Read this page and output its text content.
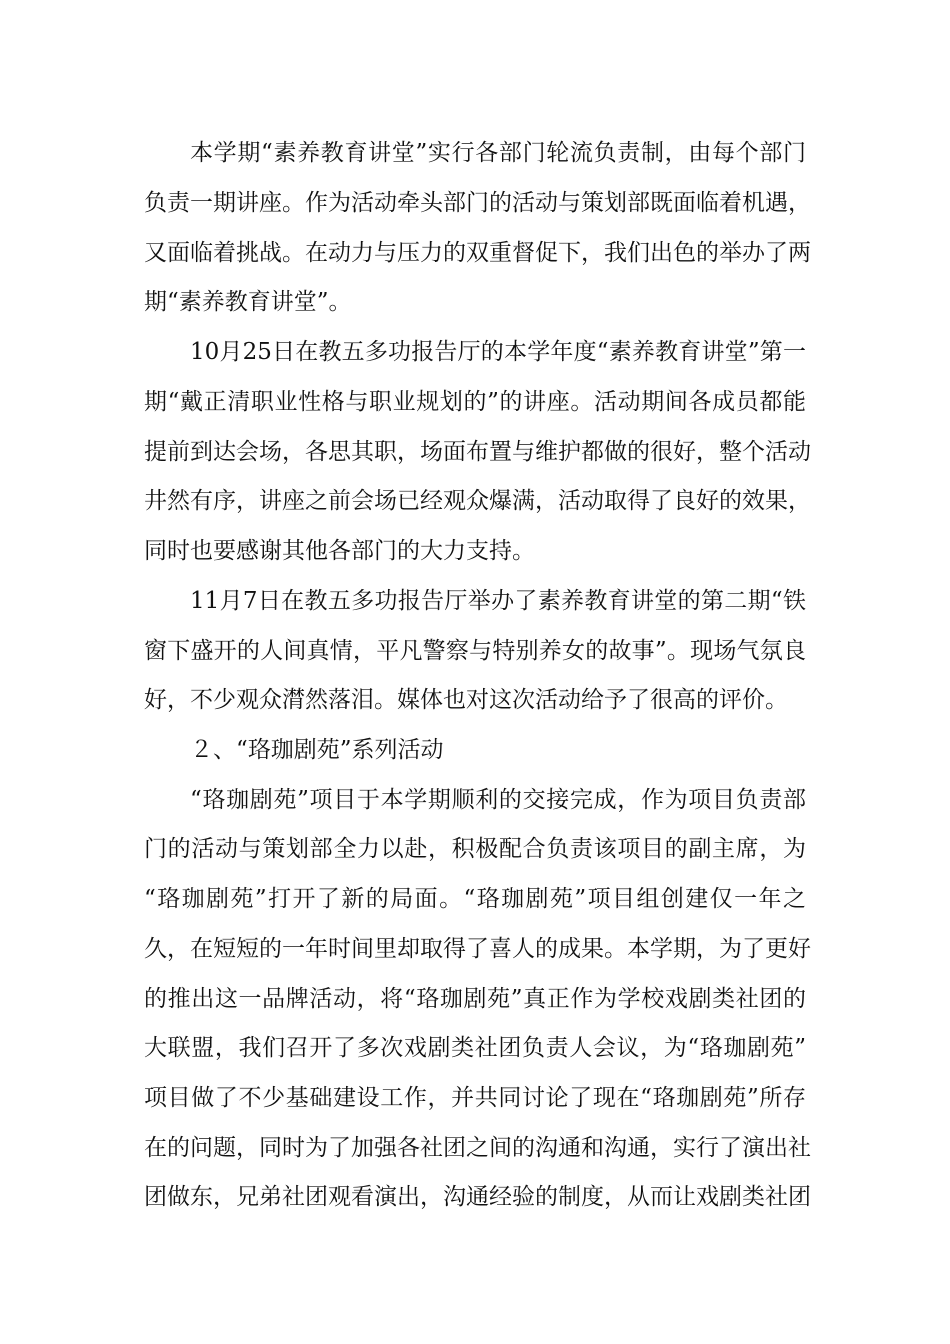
本学期“素养教育讲堂”实行各部门轮流负责制，由每个部门
负责一期讲座。作为活动牵头部门的活动与策划部既面临着机遇，
又面临着挑战。在动力与压力的双重督促下，我们出色的举办了两
期“素养教育讲堂”。
10月25日在教五多功报告厅的本学年度“素养教育讲堂”第一
期“戴正清职业性格与职业规划的”的讲座。活动期间各成员都能
提前到达会场，各思其职，场面布置与维护都做的很好，整个活动
井然有序，讲座之前会场已经观众爆满，活动取得了良好的效果，
同时也要感谢其他各部门的大力支持。
11月7日在教五多功报告厅举办了素养教育讲堂的第二期“铁
窗下盛开的人间真情，平凡警察与特别养女的故事”。现场气氛良
好，不少观众潸然落泪。媒体也对这次活动给予了很高的评价。
２、“珞珈剧苑”系列活动
“珞珈剧苑”项目于本学期顺利的交接完成，作为项目负责部
门的活动与策划部全力以赴，积极配合负责该项目的副主席，为
“珞珈剧苑”打开了新的局面。“珞珈剧苑”项目组创建仅一年之
久，在短短的一年时间里却取得了喜人的成果。本学期，为了更好
的推出这一品牌活动，将“珞珈剧苑”真正作为学校戏剧类社团的
大联盟，我们召开了多次戏剧类社团负责人会议，为“珞珈剧苑”
项目做了不少基础建设工作，并共同讨论了现在“珞珈剧苑”所存
在的问题，同时为了加强各社团之间的沟通和沟通，实行了演出社
团做东，兄弟社团观看演出，沟通经验的制度，从而让戏剧类社团
